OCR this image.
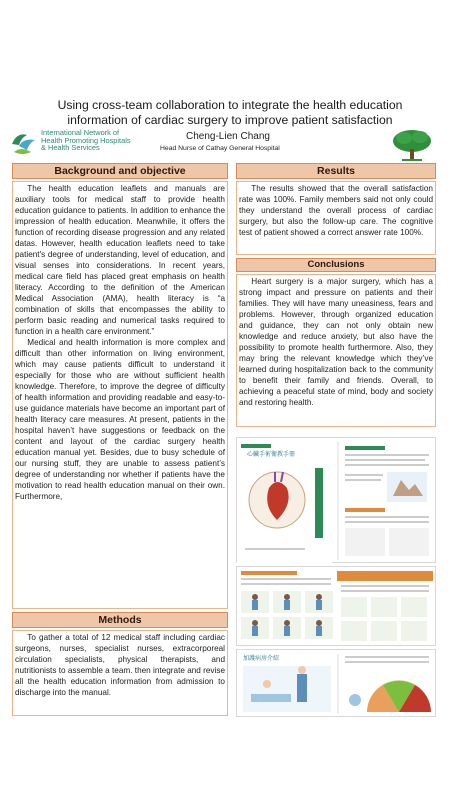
International Network of
Health Promoting Hospitals
& Health Services
Using cross-team collaboration to integrate the health education information of cardiac surgery to improve patient satisfaction
Cheng-Lien Chang
Head Nurse of Cathay General Hospital
Background and objective

The health education leaflets and manuals are auxiliary tools for medical staff to provide health education guidance to patients. In addition to enhance the impression of health education. Meanwhile, it offers the function of recording disease progression and any related datas. However, health education leaflets need to take patient's degree of understanding, level of education, and visual senses into considerations. In recent years, medical care field has placed great emphasis on health literacy. According to the definition of the American Medical Association (AMA), health literacy is “a combination of skills that encompasses the ability to perform basic reading and numerical tasks required to function in a health care environment.”

Medical and health information is more complex and difficult than other information on living environment, which may cause patients difficult to understand it especially for those who are without sufficient health knowledge. Therefore, to improve the degree of difficulty of health information and providing readable and easy-to-use guidance materials have become an important part of health literacy care measures. At present, patients in the hospital haven’t have suggestions or feedback on the content and layout of the cardiac surgery health education manual yet. Besides, due to busy schedule of our nursing stuff, they are unable to assess patient’s degree of understanding nor whether if patients have the motivation to read health education manual on their own. Furthermore,

Methods

To gather a total of 12 medical staff including cardiac surgeons, nurses, specialist nurses, extracorporeal circulation specialists, physical therapists, and nutritionists to assemble a team. then integrate and revise all the health education information from admission to discharge into the manual.

Results

The results showed that the overall satisfaction rate was 100%. Family members said not only could they understand the overall process of cardiac surgery, but also the follow-up care. The cognitive test of patient showed a correct answer rate 100%.

Conclusions

Heart surgery is a major surgery, which has a strong impact and pressure on patients and their families. They will have many uneasiness, fears and problems. However, through organized education and guidance, they can not only obtain new knowledge and reduce anxiety, but also have the possibility to promote health furthermore. Also, they may bring the relevant knowledge which they’ve learned during hospitalization back to the community to benefit their family and friends. Overall, to achieving a peaceful state of mind, body and society and restoring health.

心臟手術衛教手冊
加護病房介紹
